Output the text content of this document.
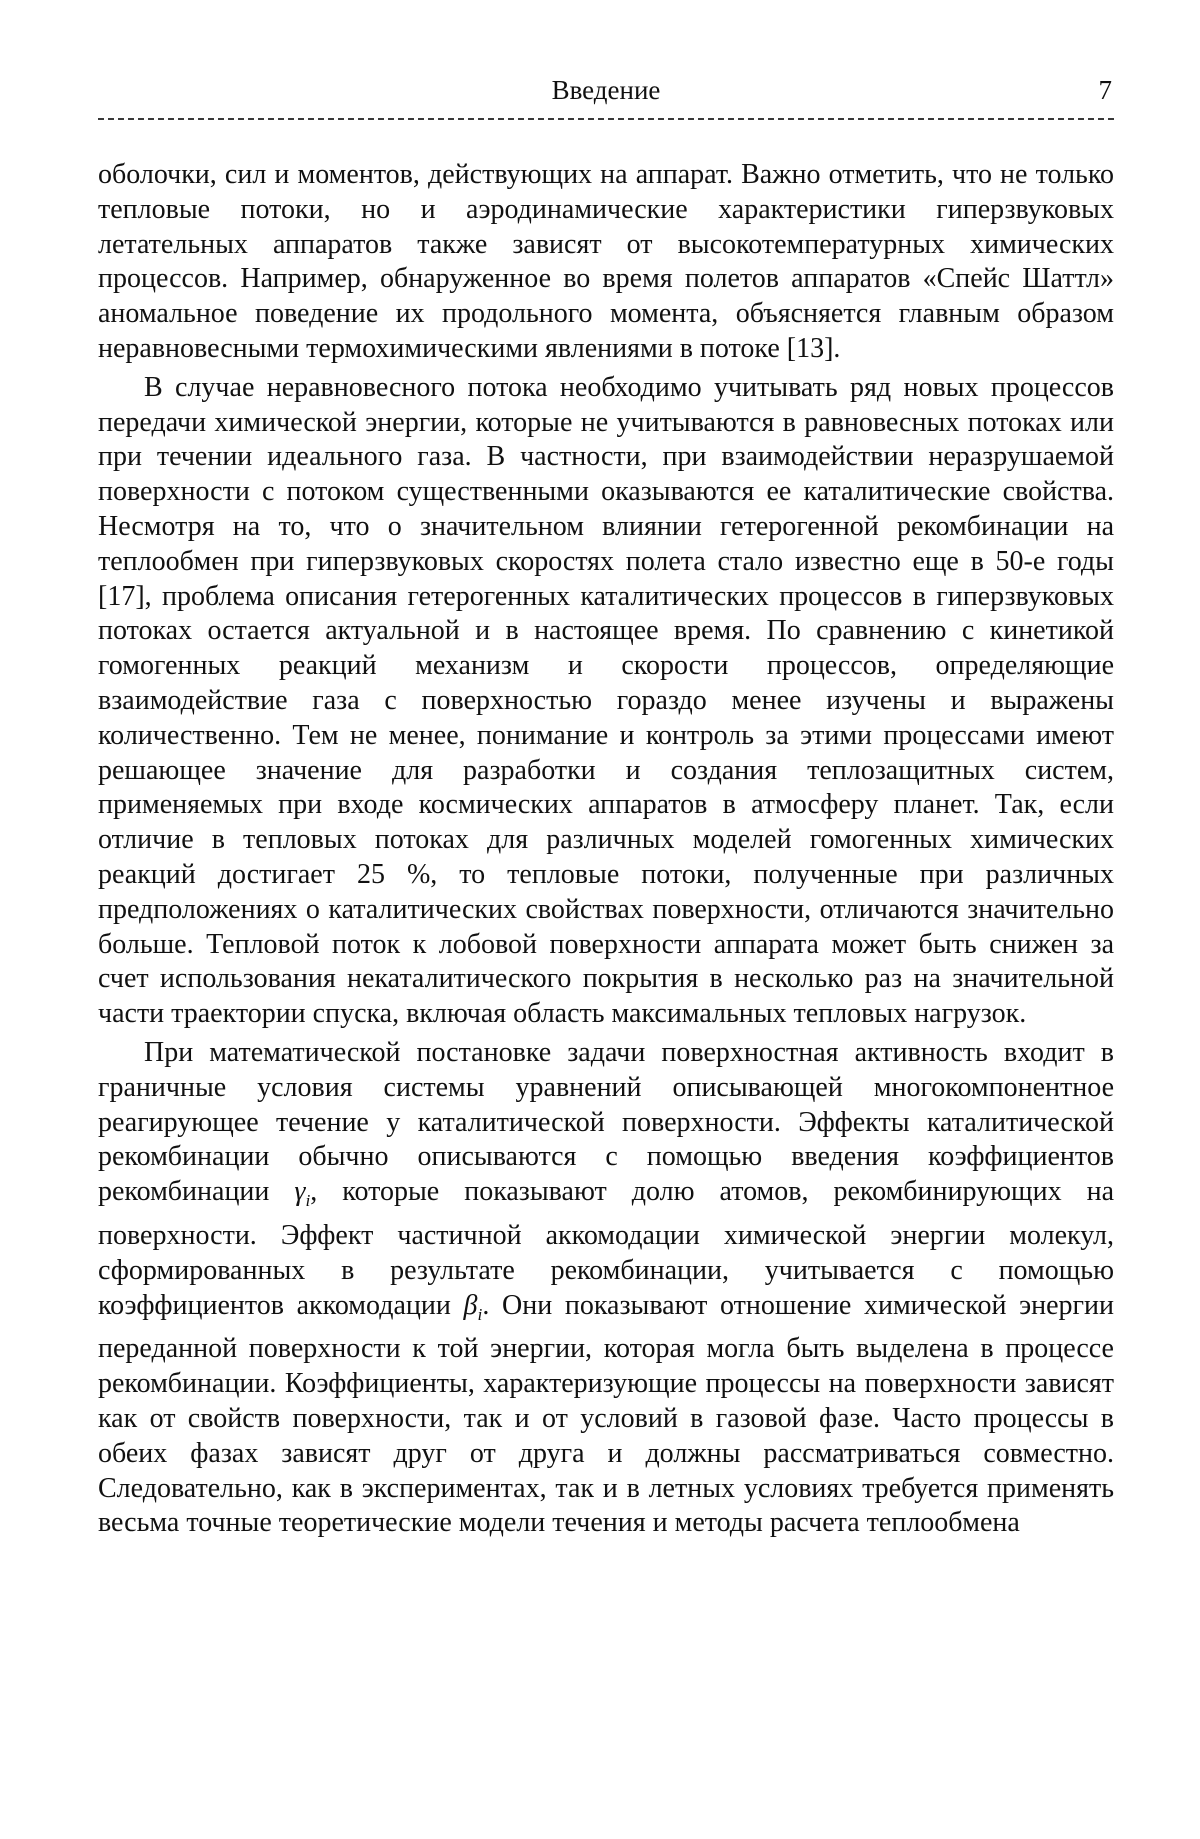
Введение	7

оболочки, сил и моментов, действующих на аппарат. Важно отметить, что не только тепловые потоки, но и аэродинамические характеристики гиперзвуковых летательных аппаратов также зависят от высокотемпературных химических процессов. Например, обнаруженное во время полетов аппаратов «Спейс Шаттл» аномальное поведение их продольного момента, объясняется главным образом неравновесными термохимическими явлениями в потоке [13].

В случае неравновесного потока необходимо учитывать ряд новых процессов передачи химической энергии, которые не учитываются в равновесных потоках или при течении идеального газа. В частности, при взаимодействии неразрушаемой поверхности с потоком существенными оказываются ее каталитические свойства. Несмотря на то, что о значительном влиянии гетерогенной рекомбинации на теплообмен при гиперзвуковых скоростях полета стало известно еще в 50-е годы [17], проблема описания гетерогенных каталитических процессов в гиперзвуковых потоках остается актуальной и в настоящее время. По сравнению с кинетикой гомогенных реакций механизм и скорости процессов, определяющие взаимодействие газа с поверхностью гораздо менее изучены и выражены количественно. Тем не менее, понимание и контроль за этими процессами имеют решающее значение для разработки и создания теплозащитных систем, применяемых при входе космических аппаратов в атмосферу планет. Так, если отличие в тепловых потоках для различных моделей гомогенных химических реакций достигает 25 %, то тепловые потоки, полученные при различных предположениях о каталитических свойствах поверхности, отличаются значительно больше. Тепловой поток к лобовой поверхности аппарата может быть снижен за счет использования некаталитического покрытия в несколько раз на значительной части траектории спуска, включая область максимальных тепловых нагрузок.

При математической постановке задачи поверхностная активность входит в граничные условия системы уравнений описывающей многокомпонентное реагирующее течение у каталитической поверхности. Эффекты каталитической рекомбинации обычно описываются с помощью введения коэффициентов рекомбинации $\gamma_i$, которые показывают долю атомов, рекомбинирующих на поверхности. Эффект частичной аккомодации химической энергии молекул, сформированных в результате рекомбинации, учитывается с помощью коэффициентов аккомодации $\beta_i$. Они показывают отношение химической энергии переданной поверхности к той энергии, которая могла быть выделена в процессе рекомбинации. Коэффициенты, характеризующие процессы на поверхности зависят как от свойств поверхности, так и от условий в газовой фазе. Часто процессы в обеих фазах зависят друг от друга и должны рассматриваться совместно. Следовательно, как в экспериментах, так и в летных условиях требуется применять весьма точные теоретические модели течения и методы расчета теплообмена
